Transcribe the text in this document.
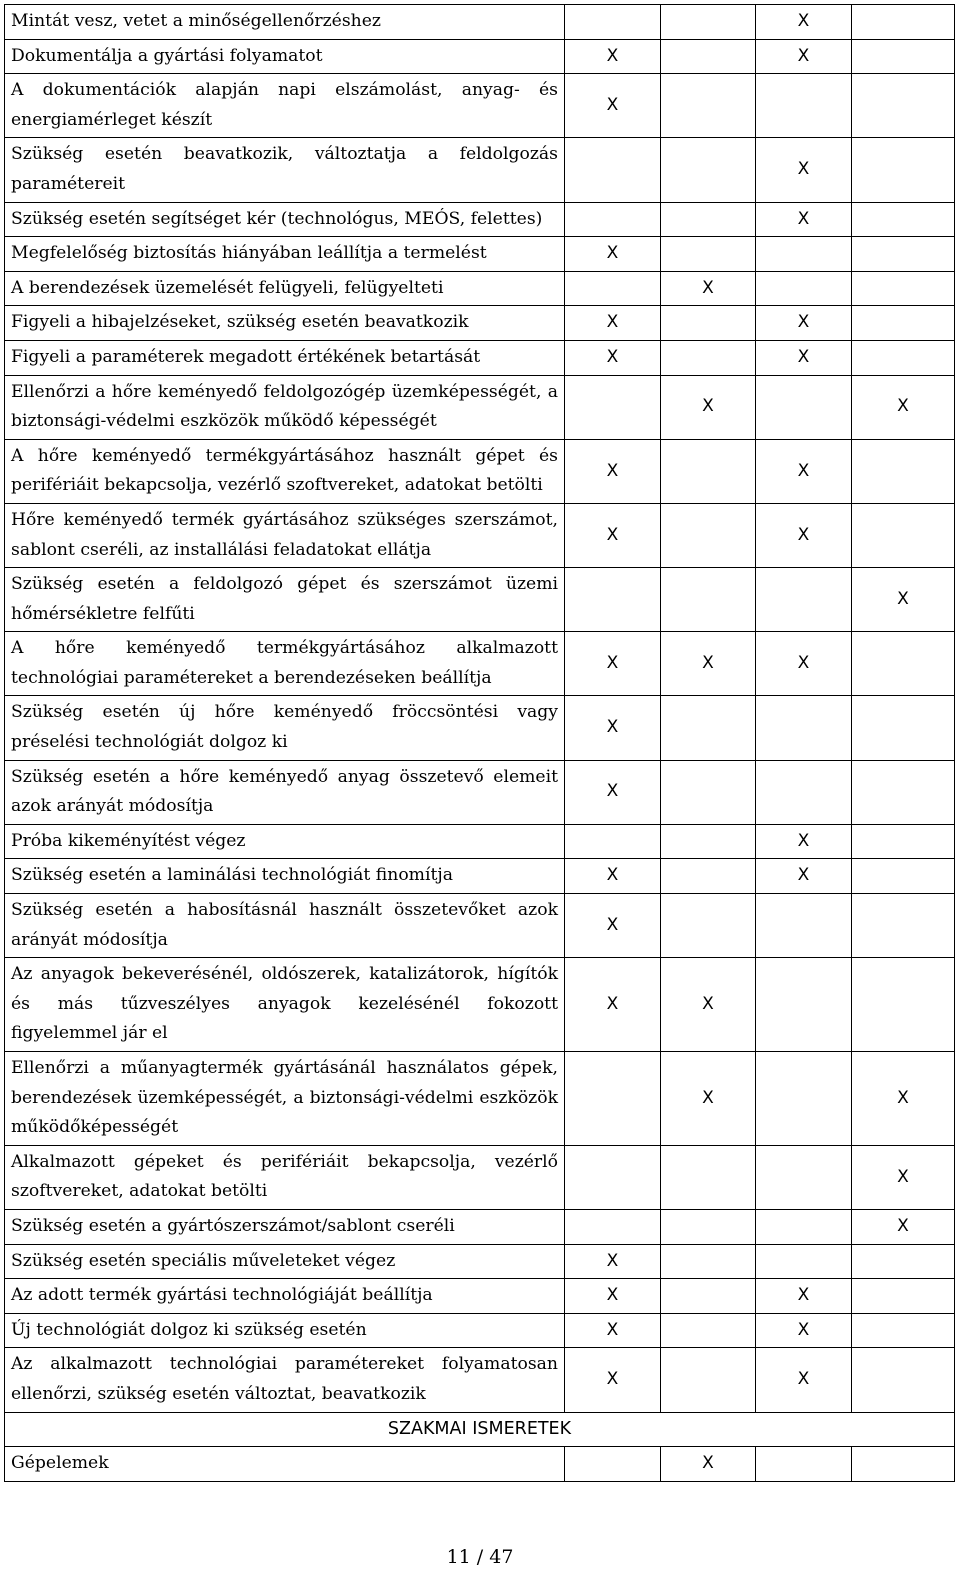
Mintát vesz, vetet a minőségellenőrzéshez			X	
Dokumentálja a gyártási folyamatot	X		X	
A dokumentációk alapján napi elszámolást, anyag- és energiamérleget készít	X			
Szükség esetén beavatkozik, változtatja a feldolgozás paramétereit			X	
Szükség esetén segítséget kér (technológus, MEÓS, felettes)			X	
Megfelelőség biztosítás hiányában leállítja a termelést	X			
A berendezések üzemelését felügyeli, felügyelteti		X		
Figyeli a hibajelzéseket, szükség esetén beavatkozik	X		X	
Figyeli a paraméterek megadott értékének betartását	X		X	
Ellenőrzi a hőre keményedő feldolgozógép üzemképességét, a biztonsági-védelmi eszközök működő képességét		X		X
A hőre keményedő termékgyártásához használt gépet és perifériáit bekapcsolja, vezérlő szoftvereket, adatokat betölti	X		X	
Hőre keményedő termék gyártásához szükséges szerszámot, sablont cseréli, az installálási feladatokat ellátja	X		X	
Szükség esetén a feldolgozó gépet és szerszámot üzemi hőmérsékletre felfűti				X
A hőre keményedő termékgyártásához alkalmazott technológiai paramétereket a berendezéseken beállítja	X	X	X	
Szükség esetén új hőre keményedő fröccsöntési vagy préselési technológiát dolgoz ki	X			
Szükség esetén a hőre keményedő anyag összetevő elemeit azok arányát módosítja	X			
Próba kikeményítést végez			X	
Szükség esetén a laminálási technológiát finomítja	X		X	
Szükség esetén a habosításnál használt összetevőket azok arányát módosítja	X			
Az anyagok bekeverésénél, oldószerek, katalizátorok, hígítók és más tűzveszélyes anyagok kezelésénél fokozott figyelemmel jár el	X	X		
Ellenőrzi a műanyagtermék gyártásánál használatos gépek, berendezések üzemképességét, a biztonsági-védelmi eszközök működőképességét		X		X
Alkalmazott gépeket és perifériáit bekapcsolja, vezérlő szoftvereket, adatokat betölti				X
Szükség esetén a gyártószerszámot/sablont cseréli				X
Szükség esetén speciális műveleteket végez	X			
Az adott termék gyártási technológiáját beállítja	X		X	
Új technológiát dolgoz ki szükség esetén	X		X	
Az alkalmazott technológiai paramétereket folyamatosan ellenőrzi, szükség esetén változtat, beavatkozik	X		X	
SZAKMAI ISMERETEK				
Gépelemek		X		
11 / 47
